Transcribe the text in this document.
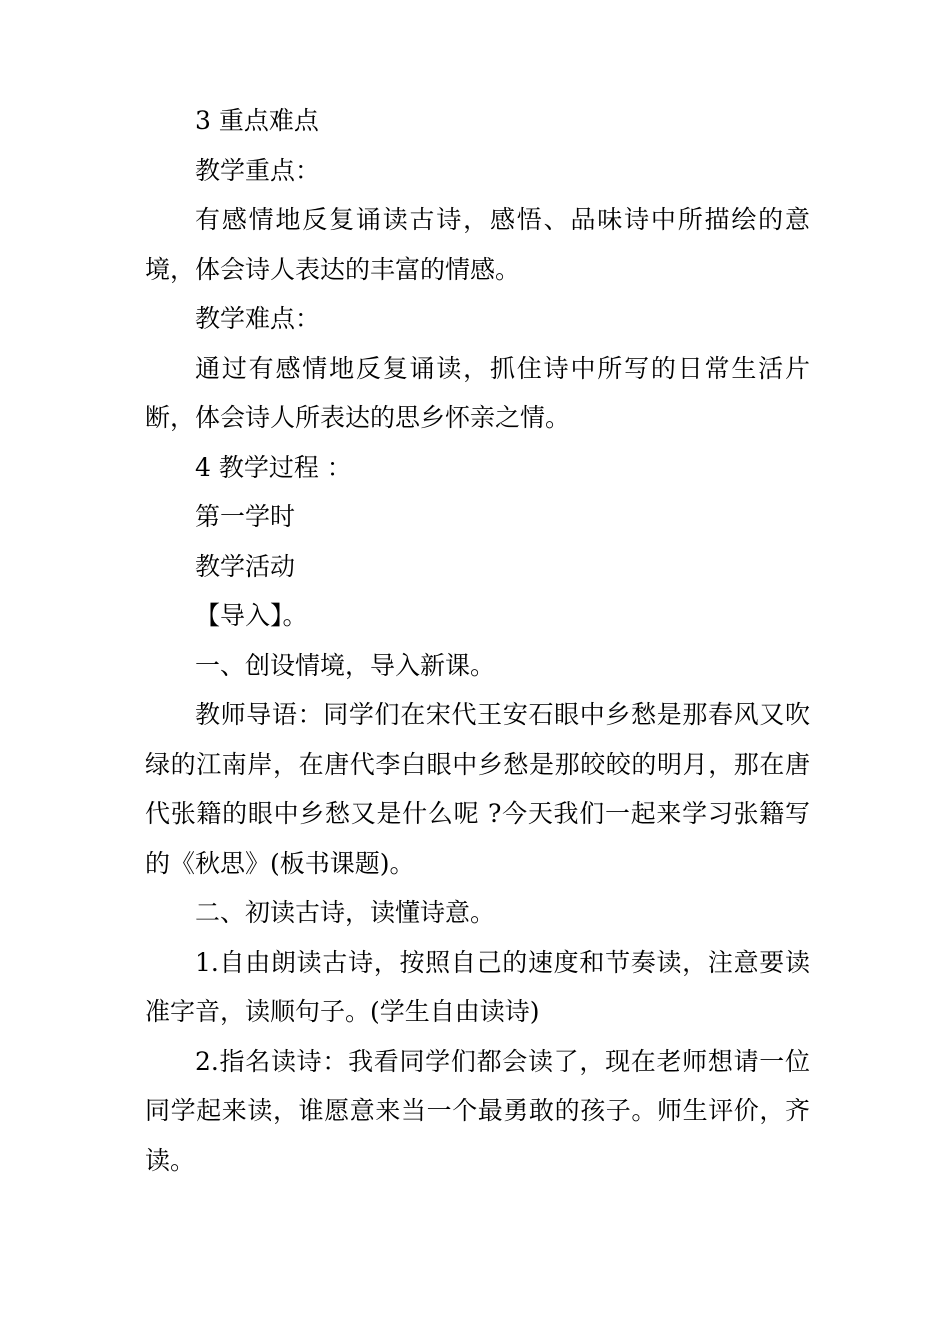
3 重点难点

教学重点：

有感情地反复诵读古诗，感悟、品味诗中所描绘的意境，体会诗人表达的丰富的情感。

教学难点：

通过有感情地反复诵读，抓住诗中所写的日常生活片断，体会诗人所表达的思乡怀亲之情。

4 教学过程 ：

第一学时

教学活动

【导入】。

一、创设情境，导入新课。

教师导语：同学们在宋代王安石眼中乡愁是那春风又吹绿的江南岸，在唐代李白眼中乡愁是那皎皎的明月，那在唐代张籍的眼中乡愁又是什么呢 ?今天我们一起来学习张籍写的《秋思》(板书课题)。

二、初读古诗，读懂诗意。

1.自由朗读古诗，按照自己的速度和节奏读，注意要读准字音，读顺句子。(学生自由读诗)

2.指名读诗：我看同学们都会读了，现在老师想请一位同学起来读，谁愿意来当一个最勇敢的孩子。师生评价，齐读。
